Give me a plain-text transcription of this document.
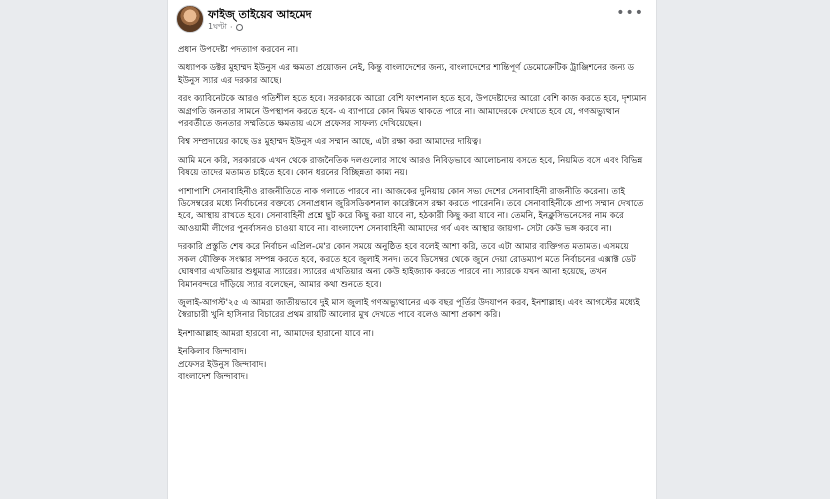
ফাইজ্‌ তাইয়েব আহমেদ
1ঘণ্টা ·
•••

প্রধান উপদেষ্টা পদত্যাগ করবেন না।

অধ্যাপক ডক্টর মুহাম্মদ ইউনুস এর ক্ষমতা প্রয়োজন নেই, কিন্তু বাংলাদেশের জন্য, বাংলাদেশের শান্তিপূর্ণ ডেমোক্রেটিক ট্রাঞ্জিশনের জন্য ড ইউনুস স্যার এর দরকার আছে।

বরং ক্যাবিনেটকে আরও গতিশীল হতে হবে। সরকারকে আরো বেশি ফাংশনাল হতে হবে, উপদেষ্টাদের আরো বেশি কাজ করতে হবে, দৃশ্যমান অগ্রগতি জনতার সামনে উপস্থাপন করতে হবে- এ ব্যাপারে কোন দ্বিমত থাকতে পারে না। আমাদেরকে দেখাতে হবে যে, গণঅভ্যুত্থান পরবর্তীতে জনতার সম্মতিতে ক্ষমতায় এসে প্রফেসর সাফল্য দেখিয়েছেন।

বিশ্ব সম্প্রদায়ের কাছে ডঃ মুহাম্মদ ইউনুস এর সম্মান আছে, এটা রক্ষা করা আমাদের দায়িত্ব।

আমি মনে করি, সরকারকে এখন থেকে রাজনৈতিক দলগুলোর সাথে আরও নিবিড়ভাবে আলোচনায় বসতে হবে, নিয়মিত বসে এবং বিভিন্ন বিষয়ে তাদের মতামত চাইতে হবে। কোন ধরনের বিচ্ছিন্নতা কাম্য নয়।

পাশাপাশি সেনাবাহিনীও রাজনীতিতে নাক গলাতে পারবে না। আজকের দুনিয়ায় কোন সভ্য দেশের সেনাবাহিনী রাজনীতি করেনা। তাই ডিসেম্বরের মধ্যে নির্বাচনের বক্তব্যে সেনাপ্রধান জুরিসডিকশনাল কারেক্টনেস রক্ষা করতে পারেননি। তবে সেনাবাহিনীকে প্রাপ্য সম্মান দেখাতে হবে, আস্থায় রাখতে হবে। সেনাবাহিনী প্রশ্নে ছুট করে কিছু করা যাবে না, হঠকারী কিছু করা যাবে না। তেমনি, ইনক্লুসিভনেসের নাম করে আওয়ামী লীগের পুনর্বাসনও চাওয়া যাবে না। বাংলাদেশ সেনাবাহিনী আমাদের গর্ব এবং আস্থার জায়গা- সেটা কেউ ভঙ্গ করবে না।

দরকারি প্রস্তুতি শেষ করে নির্বাচন এপ্রিল-মে'র কোন সময়ে অনুষ্ঠিত হবে বলেই আশা করি, তবে এটা আমার ব্যক্তিগত মতামত। এসময়ে সকল যৌক্তিক সংস্কার সম্পন্ন করতে হবে, করতে হবে জুলাই সনদ। তবে ডিসেম্বর থেকে জুনে দেয়া রোডম্যাপ মতে নির্বাচনের এক্সাক্ট ডেট ঘোষণার এখতিয়ার শুধুমাত্র স্যারের। স্যারের এখতিয়ার অন্য কেউ হাইজ্যাক করতে পারবে না। স্যারকে যখন আনা হয়েছে, তখন বিমানবন্দরে দাঁড়িয়ে স্যার বলেছেন, আমার কথা শুনতে হবে।

জুলাই-আগস্ট'২৫ এ আমরা জাতীয়ভাবে দুই মাস জুলাই গণঅভ্যুত্থানের এক বছর পূর্তির উদযাপন করব, ইনশাল্লাহ। এবং আগস্টের মধ্যেই স্বৈরাচারী খুনি হাসিনার বিচারের প্রথম রায়টি আলোর মুখ দেখতে পাবে বলেও আশা প্রকাশ করি।

ইনশাআল্লাহ আমরা হারবো না, আমাদের হারানো যাবে না।

ইনকিলাব জিন্দাবাদ।
প্রফেসর ইউনুস জিন্দাবাদ।
বাংলাদেশ জিন্দাবাদ।
